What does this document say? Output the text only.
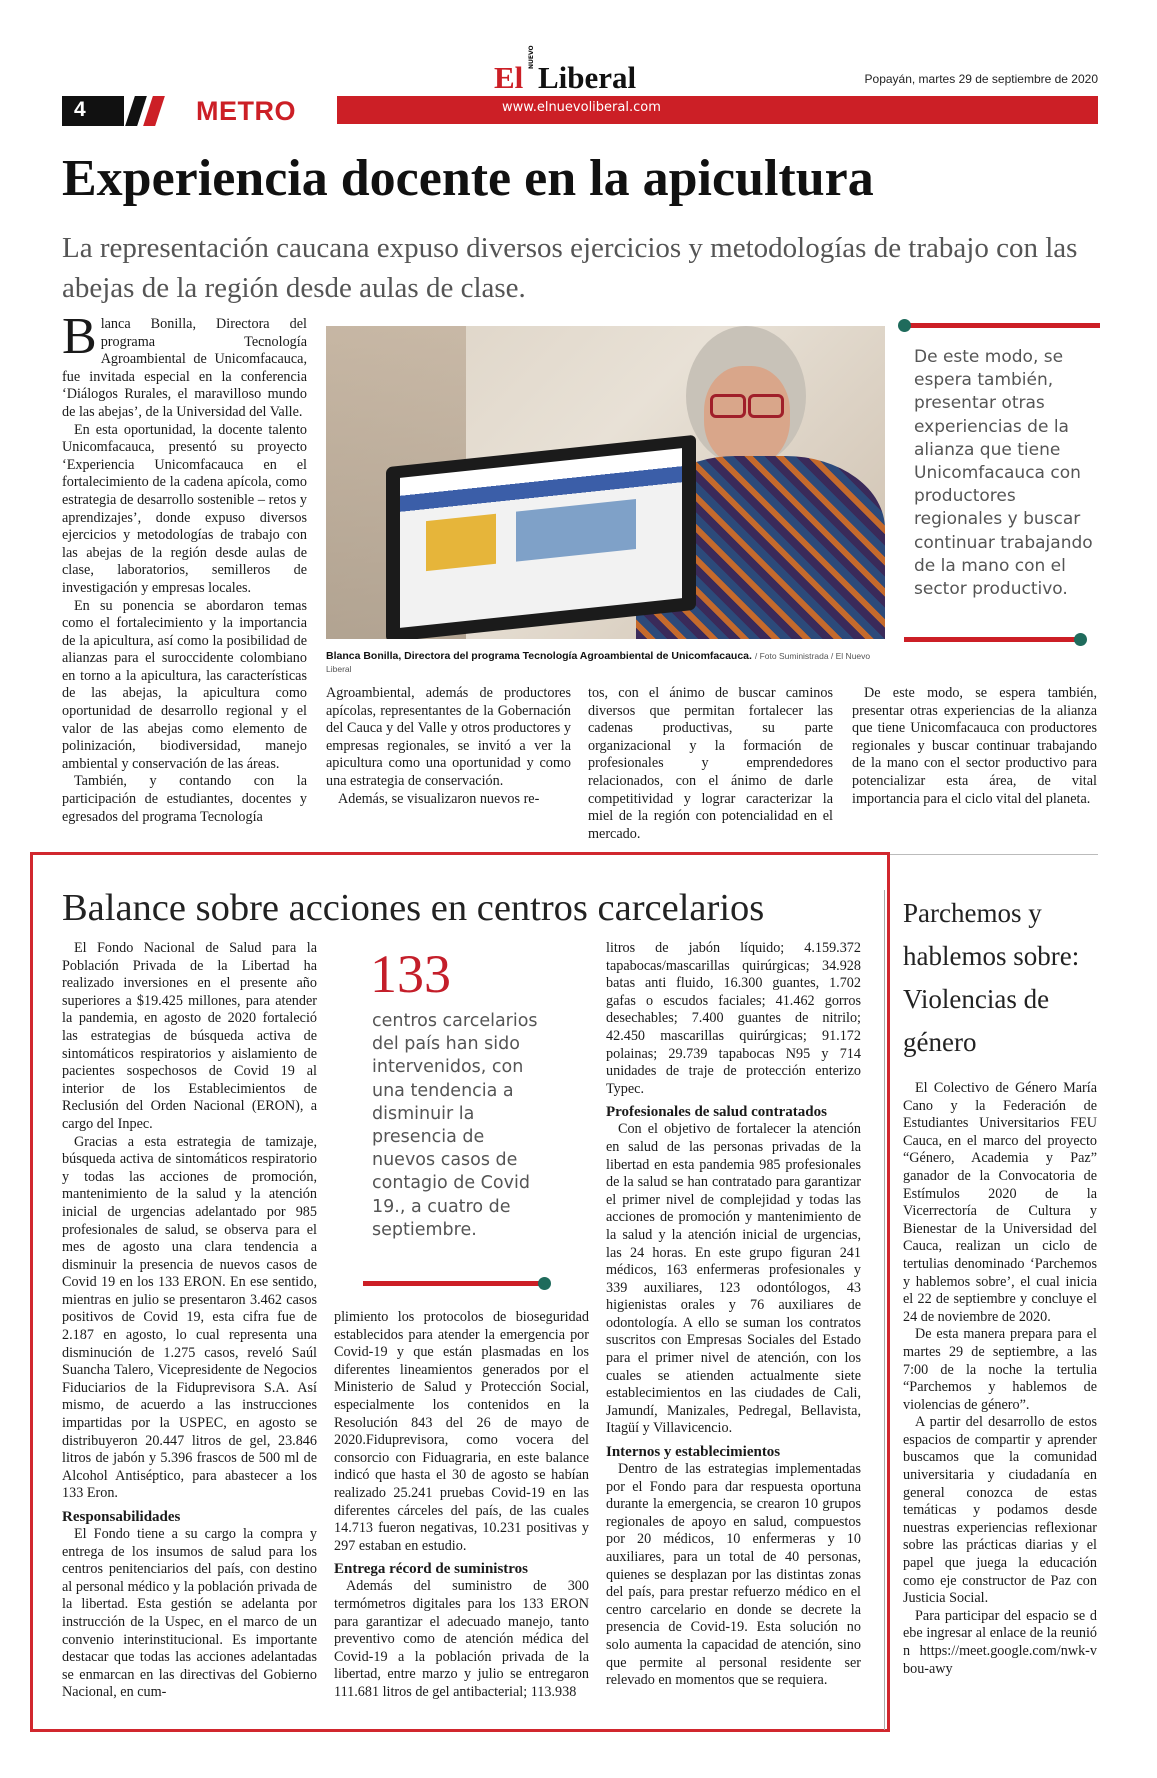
4	METRO	www.elnuevoliberal.com
El
NUEVO
Liberal	Popayán, martes 29 de septiembre de 2020
Experiencia docente en la apicultura
La representación caucana expuso diversos ejercicios y metodologías de trabajo con las abejas de la región desde aulas de clase.

Blanca Bonilla, Directora del programa Tecnología Agroambiental de Unicomfacauca, fue invitada especial en la conferencia ‘Diálogos Rurales, el maravilloso mundo de las abejas’, de la Universidad del Valle.

En esta oportunidad, la docente talento Unicomfacauca, presentó su proyecto ‘Experiencia Unicomfacauca en el fortalecimiento de la cadena apícola, como estrategia de desarrollo sostenible – retos y aprendizajes’, donde expuso diversos ejercicios y metodologías de trabajo con las abejas de la región desde aulas de clase, laboratorios, semilleros de investigación y empresas locales.

En su ponencia se abordaron temas como el fortalecimiento y la importancia de la apicultura, así como la posibilidad de alianzas para el suroccidente colombiano en torno a la apicultura, las características de las abejas, la apicultura como oportunidad de desarrollo regional y el valor de las abejas como elemento de polinización, biodiversidad, manejo ambiental y conservación de las áreas.

También, y contando con la participación de estudiantes, docentes y egresados del programa Tecnología

Blanca Bonilla, Directora del programa Tecnología Agroambiental de Unicomfacauca. / Foto Suministrada / El Nuevo Liberal
De este modo, se espera también, presentar otras experiencias de la alianza que tiene Unicomfacauca con productores regionales y buscar continuar trabajando de la mano con el sector productivo.

Agroambiental, además de productores apícolas, representantes de la Gobernación del Cauca y del Valle y otros productores y empresas regionales, se invitó a ver la apicultura como una oportunidad y como una estrategia de conservación.

Además, se visualizaron nuevos re-

tos, con el ánimo de buscar caminos diversos que permitan fortalecer las cadenas productivas, su parte organizacional y la formación de profesionales y emprendedores relacionados, con el ánimo de darle competitividad y lograr caracterizar la miel de la región con potencialidad en el mercado.

De este modo, se espera también, presentar otras experiencias de la alianza que tiene Unicomfacauca con productores regionales y buscar continuar trabajando de la mano con el sector productivo para potencializar esta área, de vital importancia para el ciclo vital del planeta.

Balance sobre acciones en centros carcelarios

El Fondo Nacional de Salud para la Población Privada de la Libertad ha realizado inversiones en el presente año superiores a $19.425 millones, para atender la pandemia, en agosto de 2020 fortaleció las estrategias de búsqueda activa de sintomáticos respiratorios y aislamiento de pacientes sospechosos de Covid 19 al interior de los Establecimientos de Reclusión del Orden Nacional (ERON), a cargo del Inpec.

Gracias a esta estrategia de tamizaje, búsqueda activa de sintomáticos respiratorio y todas las acciones de promoción, mantenimiento de la salud y la atención inicial de urgencias adelantado por 985 profesionales de salud, se observa para el mes de agosto una clara tendencia a disminuir la presencia de nuevos casos de Covid 19 en los 133 ERON. En ese sentido, mientras en julio se presentaron 3.462 casos positivos de Covid 19, esta cifra fue de 2.187 en agosto, lo cual representa una disminución de 1.275 casos, reveló Saúl Suancha Talero, Vicepresidente de Negocios Fiduciarios de la Fiduprevisora S.A. Así mismo, de acuerdo a las instrucciones impartidas por la USPEC, en agosto se distribuyeron 20.447 litros de gel, 23.846 litros de jabón y 5.396 frascos de 500 ml de Alcohol Antiséptico, para abastecer a los 133 Eron.

Responsabilidades

El Fondo tiene a su cargo la compra y entrega de los insumos de salud para los centros penitenciarios del país, con destino al personal médico y la población privada de la libertad. Esta gestión se adelanta por instrucción de la Uspec, en el marco de un convenio interinstitucional. Es importante destacar que todas las acciones adelantadas se enmarcan en las directivas del Gobierno Nacional, en cum-

133
centros carcelarios del país han sido intervenidos, con una tendencia a disminuir la presencia de nuevos casos de contagio de Covid 19., a cuatro de septiembre.

plimiento los protocolos de bioseguridad establecidos para atender la emergencia por Covid-19 y que están plasmadas en los diferentes lineamientos generados por el Ministerio de Salud y Protección Social, especialmente los contenidos en la Resolución 843 del 26 de mayo de 2020.Fiduprevisora, como vocera del consorcio con Fiduagraria, en este balance indicó que hasta el 30 de agosto se habían realizado 25.241 pruebas Covid-19 en las diferentes cárceles del país, de las cuales 14.713 fueron negativas, 10.231 positivas y 297 estaban en estudio.

Entrega récord de suministros

Además del suministro de 300 termómetros digitales para los 133 ERON para garantizar el adecuado manejo, tanto preventivo como de atención médica del Covid-19 a la población privada de la libertad, entre marzo y julio se entregaron 111.681 litros de gel antibacterial; 113.938

litros de jabón líquido; 4.159.372 tapabocas/mascarillas quirúrgicas; 34.928 batas anti fluido, 16.300 guantes, 1.702 gafas o escudos faciales; 41.462 gorros desechables; 7.400 guantes de nitrilo; 42.450 mascarillas quirúrgicas; 91.172 polainas; 29.739 tapabocas N95 y 714 unidades de traje de protección enterizo Typec.

Profesionales de salud contratados

Con el objetivo de fortalecer la atención en salud de las personas privadas de la libertad en esta pandemia 985 profesionales de la salud se han contratado para garantizar el primer nivel de complejidad y todas las acciones de promoción y mantenimiento de la salud y la atención inicial de urgencias, las 24 horas. En este grupo figuran 241 médicos, 163 enfermeras profesionales y 339 auxiliares, 123 odontólogos, 43 higienistas orales y 76 auxiliares de odontología. A ello se suman los contratos suscritos con Empresas Sociales del Estado para el primer nivel de atención, con los cuales se atienden actualmente siete establecimientos en las ciudades de Cali, Jamundí, Manizales, Pedregal, Bellavista, Itagüí y Villavicencio.

Internos y establecimientos

Dentro de las estrategias implementadas por el Fondo para dar respuesta oportuna durante la emergencia, se crearon 10 grupos regionales de apoyo en salud, compuestos por 20 médicos, 10 enfermeras y 10 auxiliares, para un total de 40 personas, quienes se desplazan por las distintas zonas del país, para prestar refuerzo médico en el centro carcelario en donde se decrete la presencia de Covid-19. Esta solución no solo aumenta la capacidad de atención, sino que permite al personal residente ser relevado en momentos que se requiera.

Parchemos y hablemos sobre: Violencias de género

El Colectivo de Género María Cano y la Federación de Estudiantes Universitarios FEU Cauca, en el marco del proyecto “Género, Academia y Paz” ganador de la Convocatoria de Estímulos 2020 de la Vicerrectoría de Cultura y Bienestar de la Universidad del Cauca, realizan un ciclo de tertulias denominado ‘Parchemos y hablemos sobre’, el cual inicia el 22 de septiembre y concluye el 24 de noviembre de 2020.

De esta manera prepara para el martes 29 de septiembre, a las 7:00 de la noche la tertulia “Parchemos y hablemos de violencias de género”.

A partir del desarrollo de estos espacios de compartir y aprender buscamos que la comunidad universitaria y ciudadanía en general conozca de estas temáticas y podamos desde nuestras experiencias reflexionar sobre las prácticas diarias y el papel que juega la educación como eje constructor de Paz con Justicia Social.

Para participar del espacio se debe ingresar al enlace de la reunión https://meet.google.com/nwk-vbou-awy
